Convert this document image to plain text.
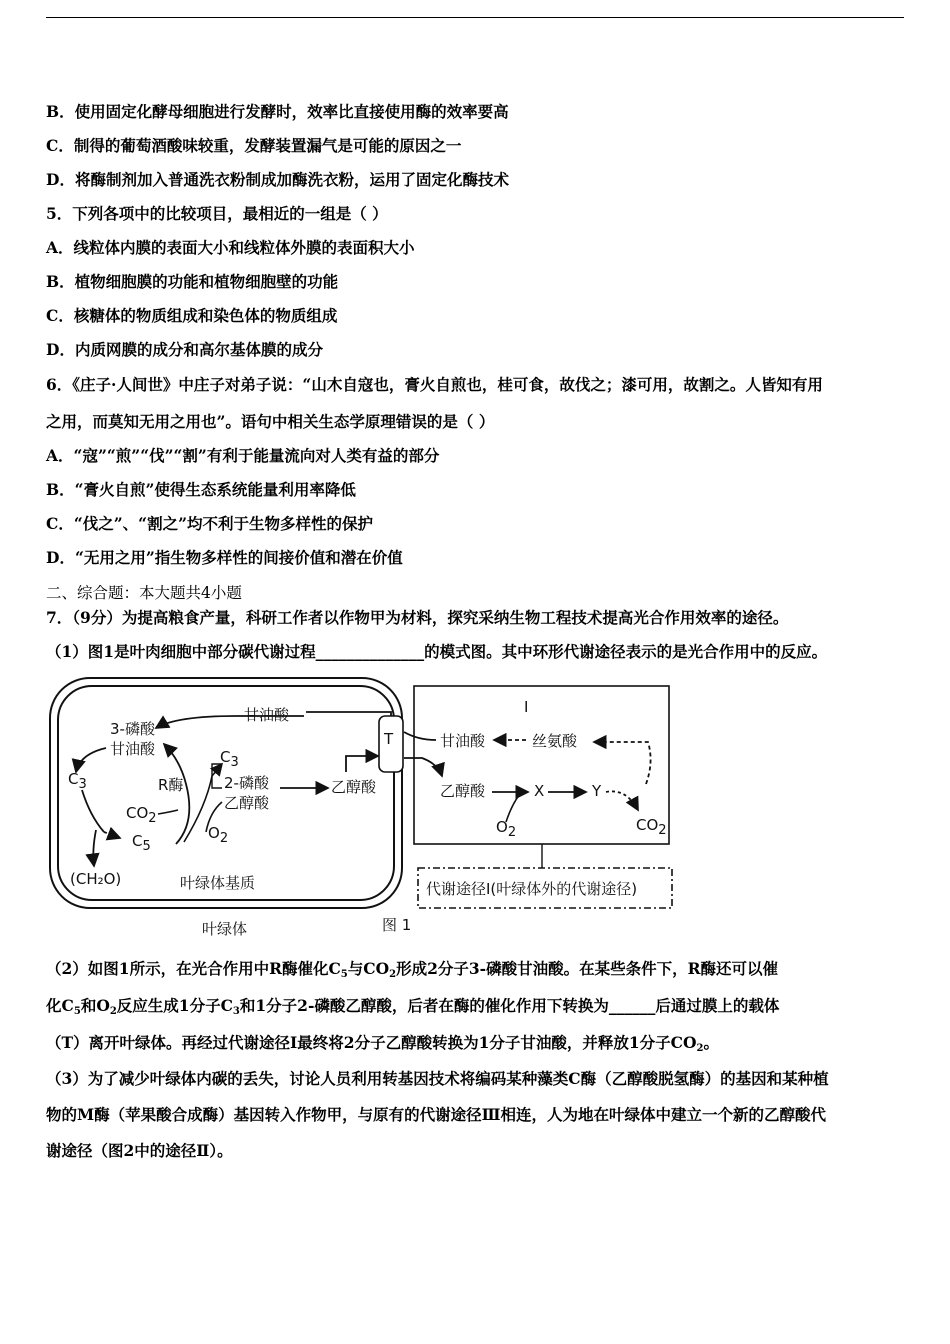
B．使用固定化酵母细胞进行发酵时，效率比直接使用酶的效率要高
C．制得的葡萄酒酸味较重，发酵装置漏气是可能的原因之一
D．将酶制剂加入普通洗衣粉制成加酶洗衣粉，运用了固定化酶技术
5．下列各项中的比较项目，最相近的一组是（ ）
A．线粒体内膜的表面大小和线粒体外膜的表面积大小
B．植物细胞膜的功能和植物细胞壁的功能
C．核糖体的物质组成和染色体的物质组成
D．内质网膜的成分和高尔基体膜的成分
6．《庄子·人间世》中庄子对弟子说：“山木自寇也，膏火自煎也，桂可食，故伐之；漆可用，故割之。人皆知有用
之用，而莫知无用之用也”。语句中相关生态学原理错误的是（ ）
A．“寇”“煎”“伐”“割”有利于能量流向对人类有益的部分
B．“膏火自煎”使得生态系统能量利用率降低
C．“伐之”、“割之”均不利于生物多样性的保护
D．“无用之用”指生物多样性的间接价值和潜在价值
二、综合题：本大题共4小题
7．（9分）为提高粮食产量，科研工作者以作物甲为材料，探究采纳生物工程技术提高光合作用效率的途径。
（1）图1是叶肉细胞中部分碳代谢过程______________的模式图。其中环形代谢途径表示的是光合作用中的反应。
T
代谢途径Ⅰ(叶绿体外的代谢途径)
甘油酸
3-磷酸
甘油酸
C3	R酶
C3
2-磷酸
乙醇酸
CO2
C5
O2
(CH₂O)	叶绿体基质
叶绿体
乙醇酸
I
甘油酸	丝氨酸
乙醇酸	X	Y
O2	CO2
图 1
（2）如图1所示，在光合作用中R酶催化$C_5$与$CO_2$形成2分子3-磷酸甘油酸。在某些条件下，R酶还可以催
化$C_5$和$O_2$反应生成1分子$C_3$和1分子2-磷酸乙醇酸，后者在酶的催化作用下转换为______后通过膜上的载体
（T）离开叶绿体。再经过代谢途径Ⅰ最终将2分子乙醇酸转换为1分子甘油酸，并释放1分子$CO_2$。
（3）为了减少叶绿体内碳的丢失，讨论人员利用转基因技术将编码某种藻类C酶（乙醇酸脱氢酶）的基因和某种植
物的M酶（苹果酸合成酶）基因转入作物甲，与原有的代谢途径Ⅲ相连，人为地在叶绿体中建立一个新的乙醇酸代
谢途径（图2中的途径Ⅱ）。
